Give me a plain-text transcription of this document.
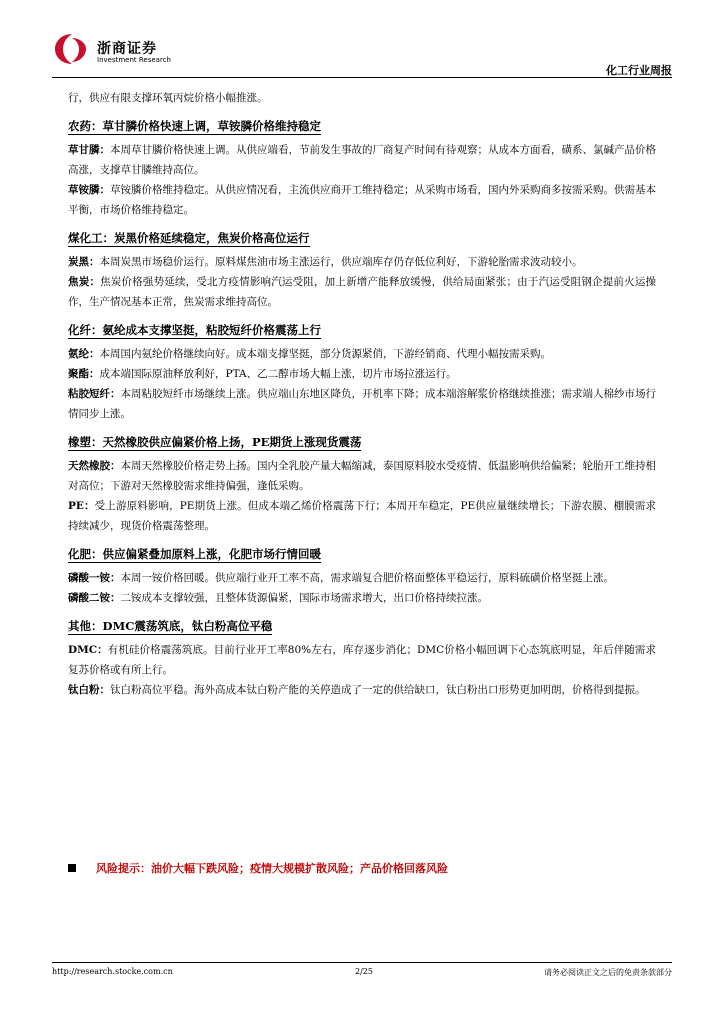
浙商证券
Investment Research
化工行业周报

行，供应有限支撑环氧丙烷价格小幅推涨。

农药：草甘膦价格快速上调，草铵膦价格维持稳定

草甘膦：本周草甘膦价格快速上调。从供应端看，节前发生事故的厂商复产时间有待观察；从成本方面看，磺系、氯碱产品价格高涨，支撑草甘膦维持高位。

草铵膦：草铵膦价格维持稳定。从供应情况看，主流供应商开工维持稳定；从采购市场看，国内外采购商多按需采购。供需基本平衡，市场价格维持稳定。

煤化工：炭黑价格延续稳定，焦炭价格高位运行

炭黑：本周炭黑市场稳价运行。原料煤焦油市场主涨运行，供应端库存仍存低位利好，下游轮胎需求波动较小。

焦炭：焦炭价格强势延续，受北方疫情影响汽运受阻，加上新增产能释放缓慢，供给局面紧张；由于汽运受阻钢企提前火运操作，生产情况基本正常，焦炭需求维持高位。

化纤：氨纶成本支撑坚挺，粘胶短纤价格震荡上行

氨纶：本周国内氨纶价格继续向好。成本端支撑坚挺，部分货源紧俏，下游经销商、代理小幅按需采购。

聚酯：成本端国际原油释放利好，PTA、乙二醇市场大幅上涨，切片市场拉涨运行。

粘胶短纤：本周粘胶短纤市场继续上涨。供应端山东地区降负，开机率下降；成本端溶解浆价格继续推涨；需求端人棉纱市场行情同步上涨。

橡塑：天然橡胶供应偏紧价格上扬，PE期货上涨现货震荡

天然橡胶：本周天然橡胶价格走势上扬。国内全乳胶产量大幅缩减，泰国原料胶水受疫情、低温影响供给偏紧；轮胎开工维持相对高位；下游对天然橡胶需求维持偏强，逢低采购。

PE：受上游原料影响，PE期货上涨。但成本端乙烯价格震荡下行；本周开车稳定，PE供应量继续增长；下游农膜、棚膜需求持续减少，现货价格震荡整理。

化肥：供应偏紧叠加原料上涨，化肥市场行情回暖

磷酸一铵：本周一铵价格回暖。供应端行业开工率不高，需求端复合肥价格面整体平稳运行，原料硫磺价格坚挺上涨。

磷酸二铵：二铵成本支撑较强，且整体货源偏紧，国际市场需求增大，出口价格持续拉涨。

其他：DMC震荡筑底，钛白粉高位平稳

DMC：有机硅价格震荡筑底。目前行业开工率80%左右，库存逐步消化；DMC价格小幅回调下心态筑底明显，年后伴随需求复苏价格或有所上行。

钛白粉：钛白粉高位平稳。海外高成本钛白粉产能的关停造成了一定的供给缺口，钛白粉出口形势更加明朗，价格得到提振。

风险提示：油价大幅下跌风险；疫情大规模扩散风险；产品价格回落风险
http://research.stocke.com.cn	2/25	请务必阅读正文之后的免责条款部分
